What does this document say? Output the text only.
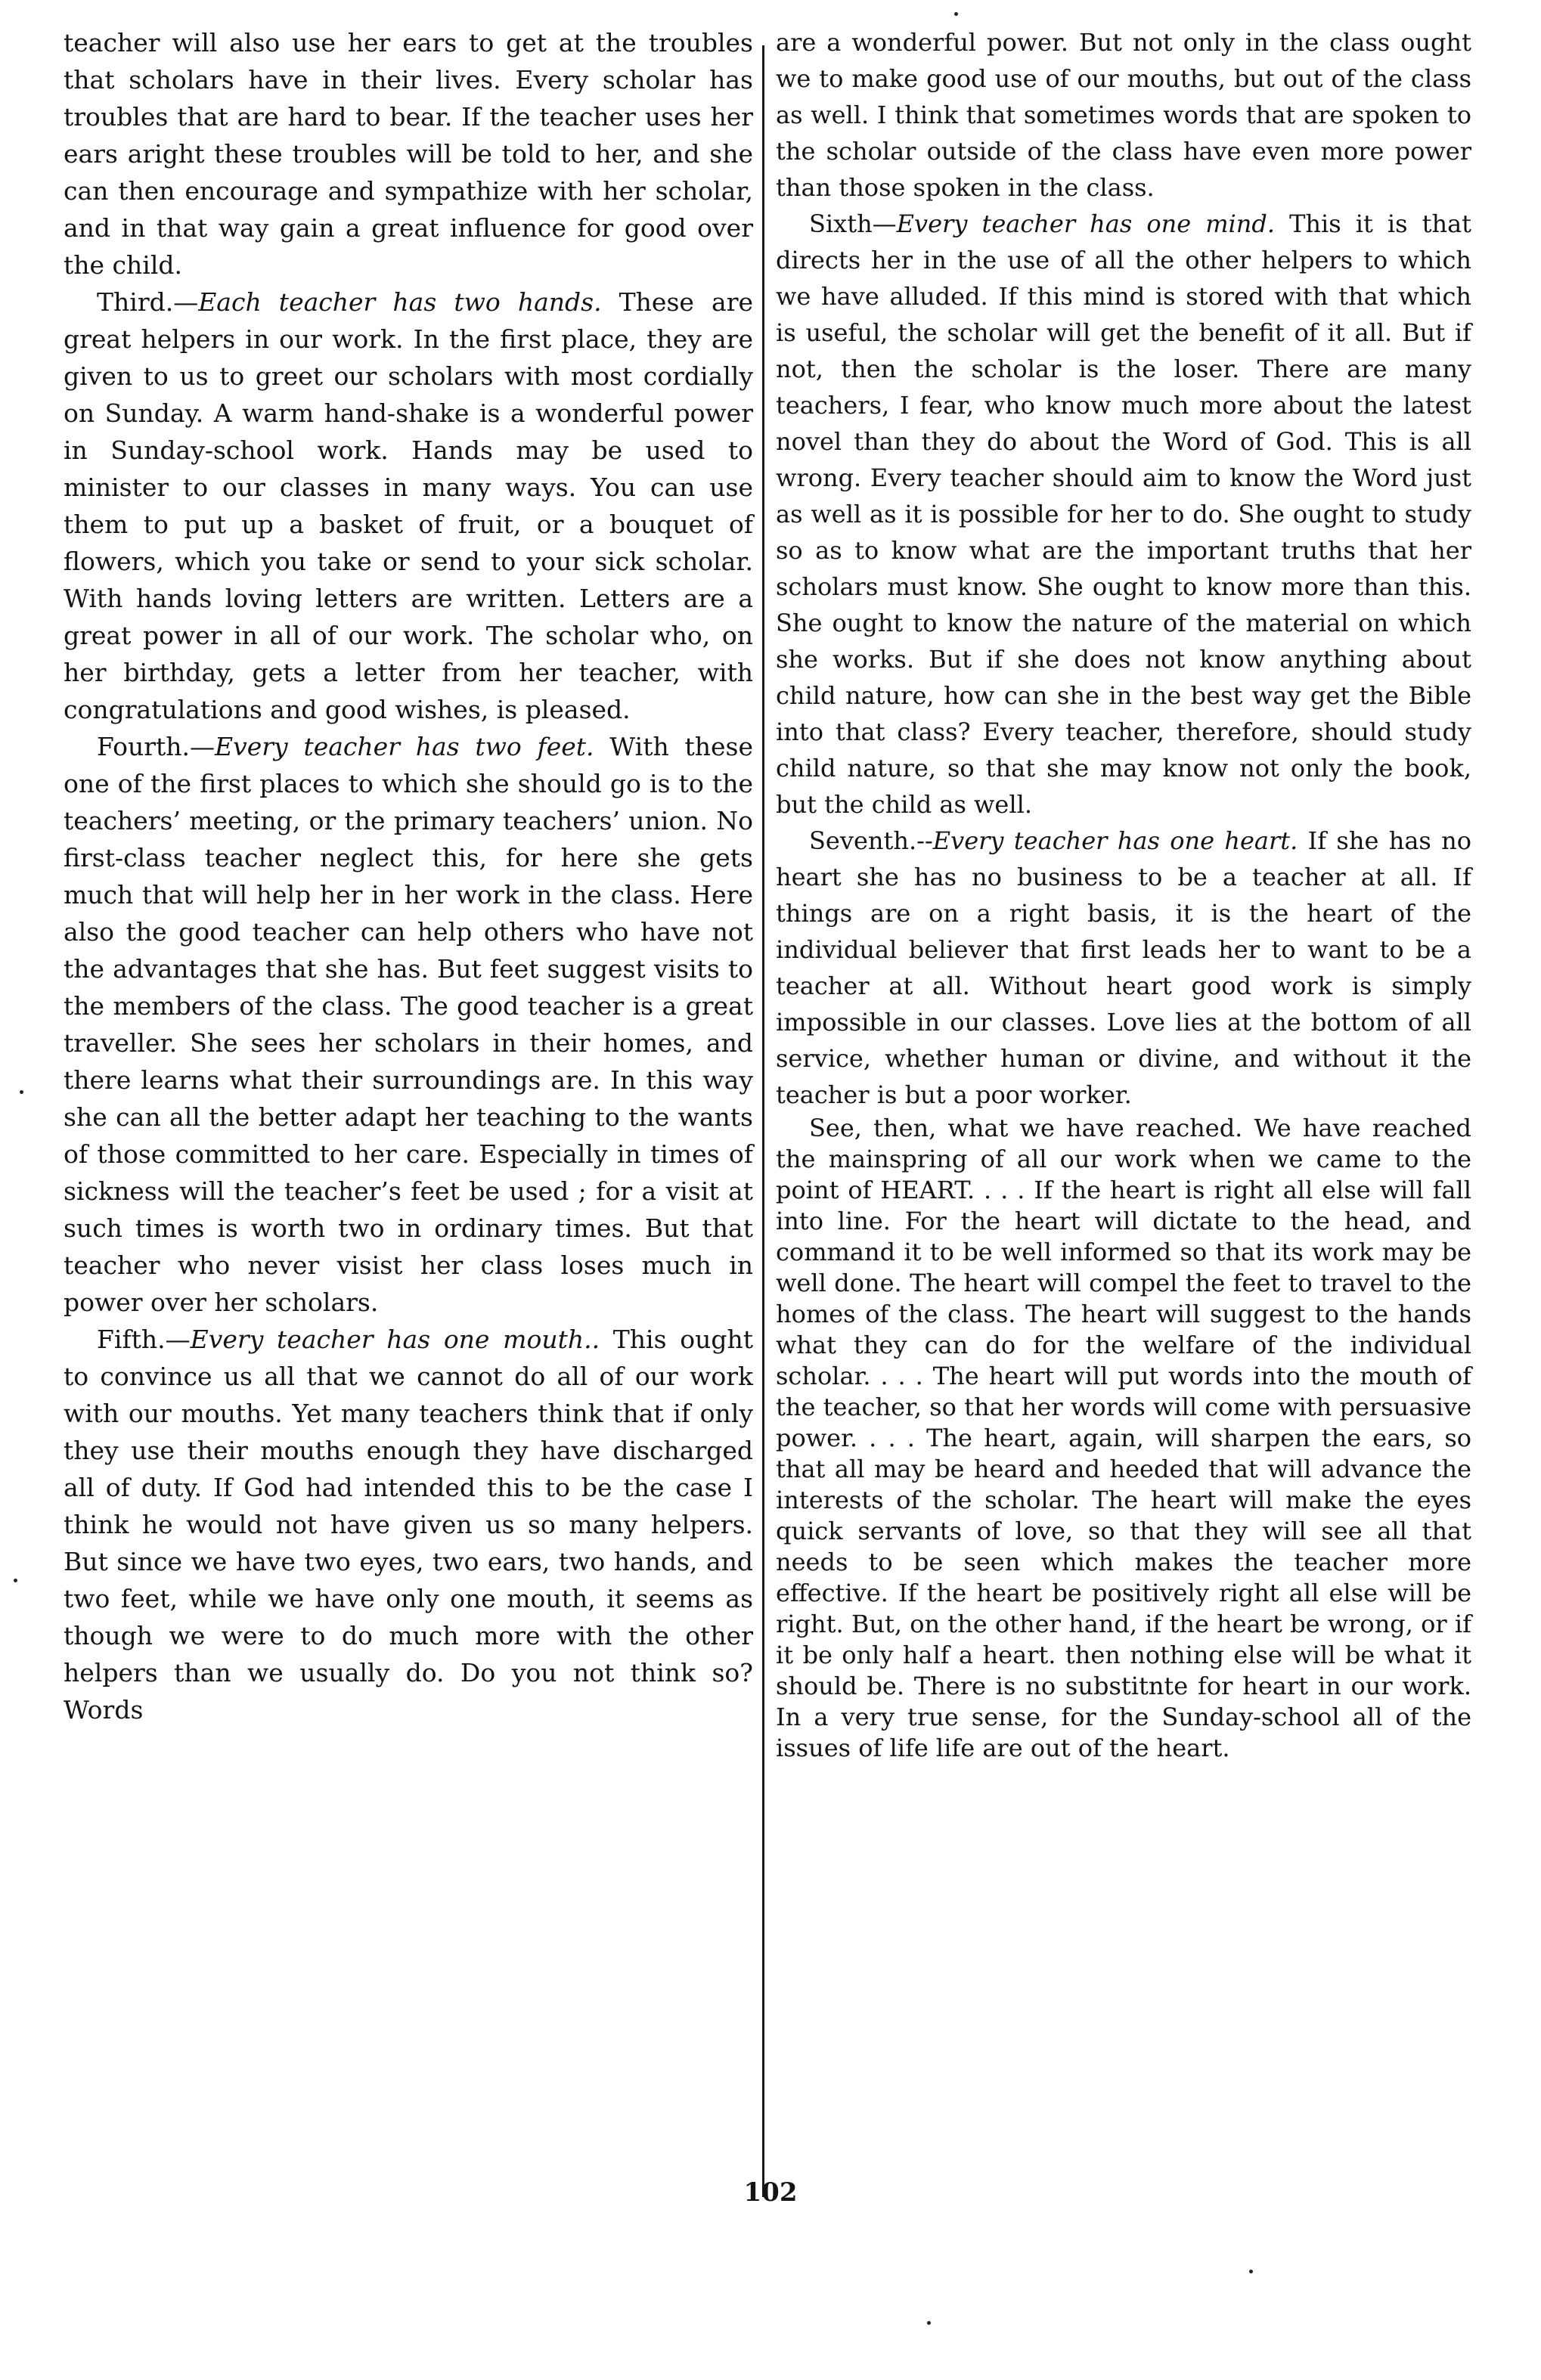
teacher will also use her ears to get at the troubles that scholars have in their lives. Every scholar has troubles that are hard to bear. If the teacher uses her ears aright these troubles will be told to her, and she can then encourage and sympathize with her scholar, and in that way gain a great influence for good over the child.

Third.—Each teacher has two hands. These are great helpers in our work. In the first place, they are given to us to greet our scholars with most cordially on Sunday. A warm hand-shake is a wonderful power in Sunday-school work. Hands may be used to minister to our classes in many ways. You can use them to put up a basket of fruit, or a bouquet of flowers, which you take or send to your sick scholar. With hands loving letters are written. Letters are a great power in all of our work. The scholar who, on her birthday, gets a letter from her teacher, with congratulations and good wishes, is pleased.

Fourth.—Every teacher has two feet. With these one of the first places to which she should go is to the teachers’ meeting, or the primary teachers’ union. No first-class teacher neglect this, for here she gets much that will help her in her work in the class. Here also the good teacher can help others who have not the advantages that she has. But feet suggest visits to the members of the class. The good teacher is a great traveller. She sees her scholars in their homes, and there learns what their surroundings are. In this way she can all the better adapt her teaching to the wants of those committed to her care. Especially in times of sickness will the teacher’s feet be used ; for a visit at such times is worth two in ordinary times. But that teacher who never visist her class loses much in power over her scholars.

Fifth.—Every teacher has one mouth.. This ought to convince us all that we cannot do all of our work with our mouths. Yet many teachers think that if only they use their mouths enough they have discharged all of duty. If God had intended this to be the case I think he would not have given us so many helpers. But since we have two eyes, two ears, two hands, and two feet, while we have only one mouth, it seems as though we were to do much more with the other helpers than we usually do. Do you not think so? Words

are a wonderful power. But not only in the class ought we to make good use of our mouths, but out of the class as well. I think that sometimes words that are spoken to the scholar outside of the class have even more power than those spoken in the class.

Sixth—Every teacher has one mind. This it is that directs her in the use of all the other helpers to which we have alluded. If this mind is stored with that which is useful, the scholar will get the benefit of it all. But if not, then the scholar is the loser. There are many teachers, I fear, who know much more about the latest novel than they do about the Word of God. This is all wrong. Every teacher should aim to know the Word just as well as it is possible for her to do. She ought to study so as to know what are the important truths that her scholars must know. She ought to know more than this. She ought to know the nature of the material on which she works. But if she does not know anything about child nature, how can she in the best way get the Bible into that class? Every teacher, therefore, should study child nature, so that she may know not only the book, but the child as well.

Seventh.--Every teacher has one heart. If she has no heart she has no business to be a teacher at all. If things are on a right basis, it is the heart of the individual believer that first leads her to want to be a teacher at all. Without heart good work is simply impossible in our classes. Love lies at the bottom of all service, whether human or divine, and without it the teacher is but a poor worker.

See, then, what we have reached. We have reached the mainspring of all our work when we came to the point of HEART. . . . If the heart is right all else will fall into line. For the heart will dictate to the head, and command it to be well informed so that its work may be well done. The heart will compel the feet to travel to the homes of the class. The heart will suggest to the hands what they can do for the welfare of the individual scholar. . . . The heart will put words into the mouth of the teacher, so that her words will come with persuasive power. . . . The heart, again, will sharpen the ears, so that all may be heard and heeded that will advance the interests of the scholar. The heart will make the eyes quick servants of love, so that they will see all that needs to be seen which makes the teacher more effective. If the heart be positively right all else will be right. But, on the other hand, if the heart be wrong, or if it be only half a heart. then nothing else will be what it should be. There is no substitnte for heart in our work. In a very true sense, for the Sunday-school all of the issues of life life are out of the heart.

102
